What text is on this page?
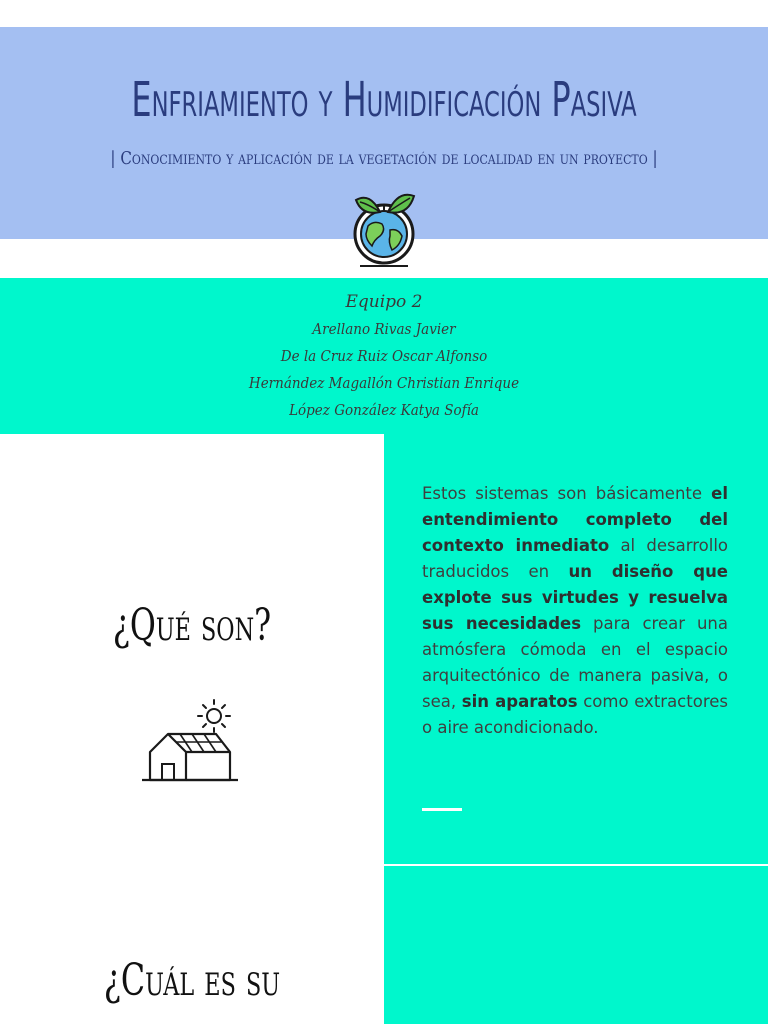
Enfriamiento y Humidificación Pasiva
| Conocimiento y aplicación de la vegetación de localidad en un proyecto |
Equipo 2
Arellano Rivas Javier
De la Cruz Ruiz Oscar Alfonso
Hernández Magallón Christian Enrique
López González Katya Sofía
¿Qué son?
Estos sistemas son básicamente el entendimiento completo del contexto inmediato al desarrollo traducidos en un diseño que explote sus virtudes y resuelva sus necesidades para crear una atmósfera cómoda en el espacio arquitectónico de manera pasiva, o sea, sin aparatos como extractores o aire acondicionado.
¿Cuál es su
